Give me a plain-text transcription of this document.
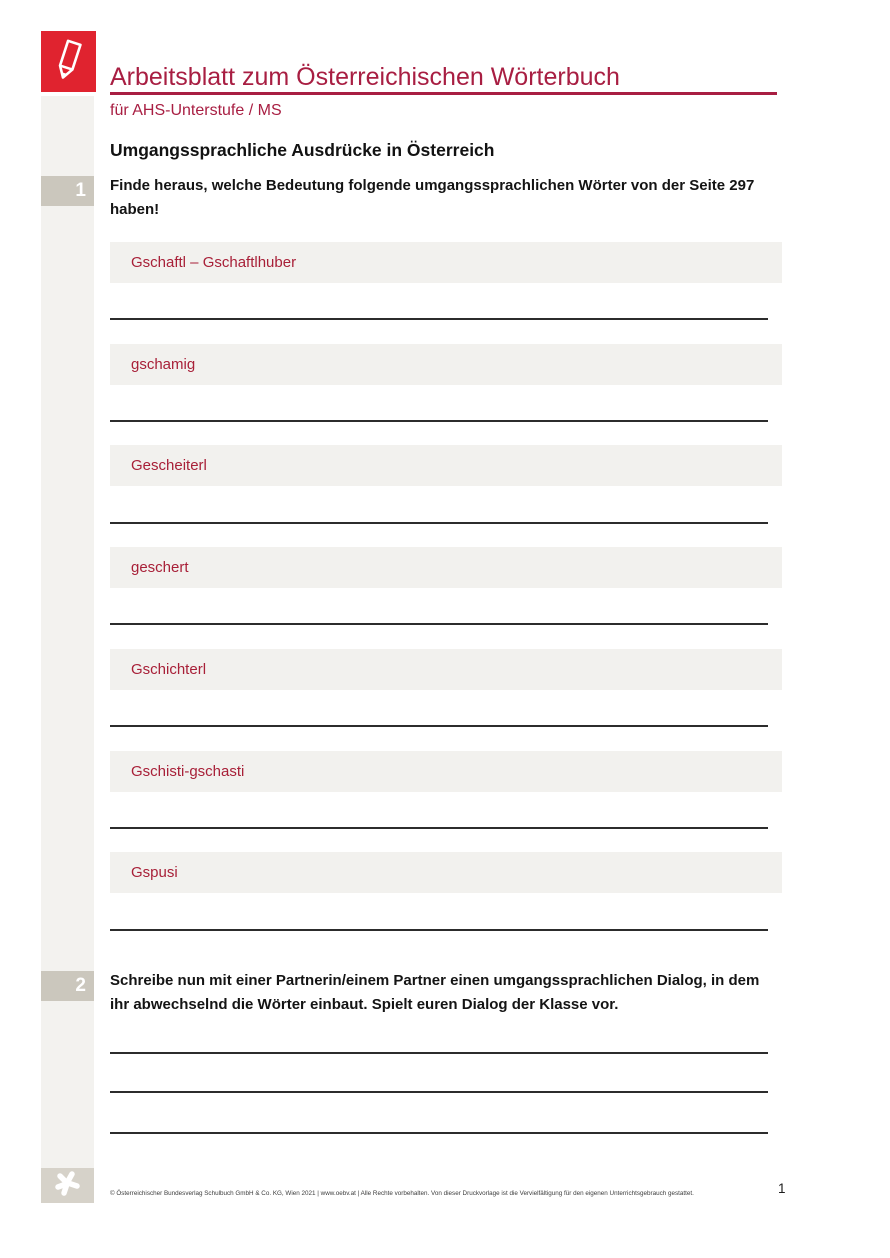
Arbeitsblatt zum Österreichischen Wörterbuch
für AHS-Unterstufe / MS
Umgangssprachliche Ausdrücke in Österreich
1	Finde heraus, welche Bedeutung folgende umgangssprachlichen Wörter von der Seite 297 haben!
Gschaftl – Gschaftlhuber
gschamig
Gescheiterl
geschert
Gschichterl
Gschisti-gschasti
Gspusi
2	Schreibe nun mit einer Partnerin/einem Partner einen umgangssprachlichen Dialog, in dem ihr abwechselnd die Wörter einbaut. Spielt euren Dialog der Klasse vor.
© Österreichischer Bundesverlag Schulbuch GmbH & Co. KG, Wien 2021 | www.oebv.at | Alle Rechte vorbehalten. Von dieser Druckvorlage ist die Vervielfältigung für den eigenen Unterrichtsgebrauch gestattet.	1
